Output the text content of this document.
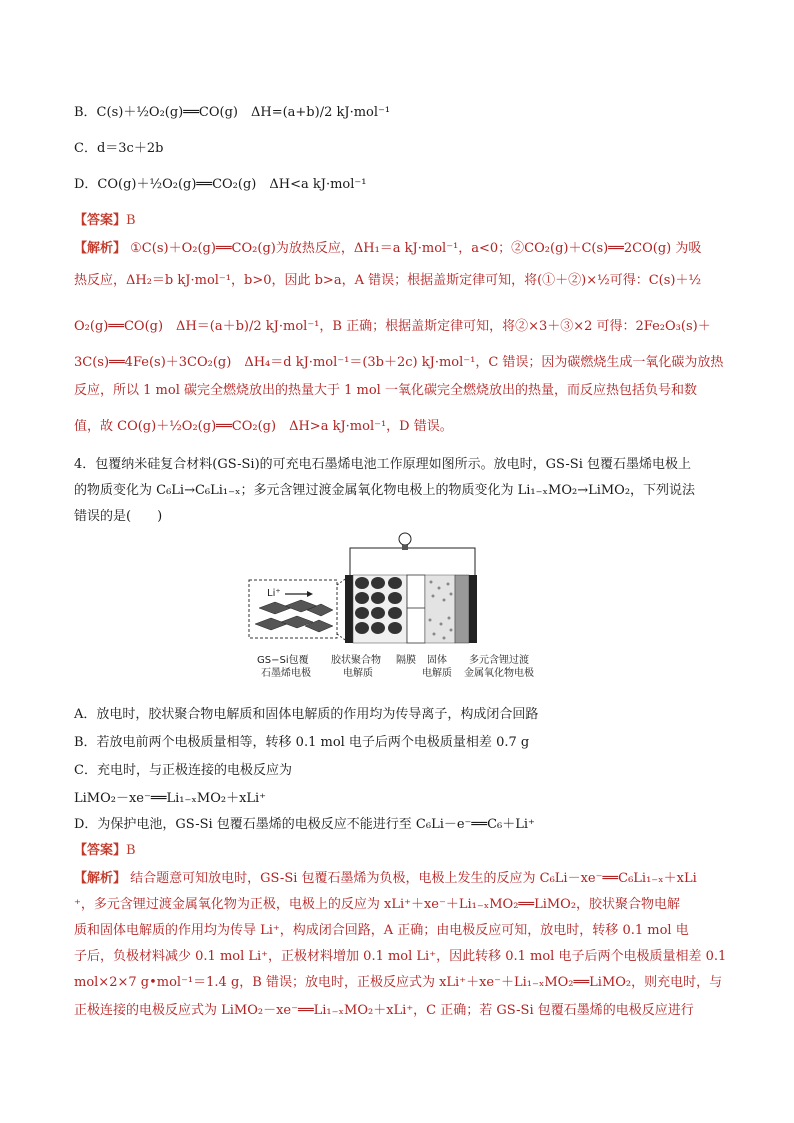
B．C(s)＋½O₂(g)══CO(g)　ΔH=(a+b)/2 kJ·mol⁻¹
C．d＝3c＋2b
D．CO(g)＋½O₂(g)══CO₂(g)　ΔH<a kJ·mol⁻¹
【答案】B
【解析】 ①C(s)＋O₂(g)══CO₂(g)为放热反应，ΔH₁＝a kJ·mol⁻¹，a<0；②CO₂(g)＋C(s)══2CO(g) 为吸
热反应，ΔH₂＝b kJ·mol⁻¹，b>0，因此 b>a，A 错误；根据盖斯定律可知，将(①＋②)×½可得：C(s)＋½
O₂(g)══CO(g)　ΔH＝(a＋b)/2 kJ·mol⁻¹，B 正确；根据盖斯定律可知，将②×3＋③×2 可得：2Fe₂O₃(s)＋
3C(s)══4Fe(s)＋3CO₂(g)　ΔH₄＝d kJ·mol⁻¹＝(3b＋2c) kJ·mol⁻¹，C 错误；因为碳燃烧生成一氧化碳为放热
反应，所以 1 mol 碳完全燃烧放出的热量大于 1 mol 一氧化碳完全燃烧放出的热量，而反应热包括负号和数
值，故 CO(g)＋½O₂(g)══CO₂(g)　ΔH>a kJ·mol⁻¹，D 错误。
4．包覆纳米硅复合材料(GS-Si)的可充电石墨烯电池工作原理如图所示。放电时，GS-Si 包覆石墨烯电极上
的物质变化为 C₆Li→C₆Li₁₋ₓ；多元含锂过渡金属氧化物电极上的物质变化为 Li₁₋ₓMO₂→LiMO₂，下列说法
错误的是(　　)
Li⁺
GS−Si包覆
石墨烯电极
胶状聚合物
电解质
隔膜 固体
电解质
多元含锂过渡
金属氧化物电极
A．放电时，胶状聚合物电解质和固体电解质的作用均为传导离子，构成闭合回路
B．若放电前两个电极质量相等，转移 0.1 mol 电子后两个电极质量相差 0.7 g
C．充电时，与正极连接的电极反应为
LiMO₂－xe⁻══Li₁₋ₓMO₂＋xLi⁺
D．为保护电池，GS-Si 包覆石墨烯的电极反应不能进行至 C₆Li－e⁻══C₆＋Li⁺
【答案】B
【解析】 结合题意可知放电时，GS-Si 包覆石墨烯为负极，电极上发生的反应为 C₆Li－xe⁻══C₆Li₁₋ₓ＋xLi
⁺，多元含锂过渡金属氧化物为正极，电极上的反应为 xLi⁺＋xe⁻＋Li₁₋ₓMO₂══LiMO₂，胶状聚合物电解
质和固体电解质的作用均为传导 Li⁺，构成闭合回路，A 正确；由电极反应可知，放电时，转移 0.1 mol 电
子后，负极材料减少 0.1 mol Li⁺，正极材料增加 0.1 mol Li⁺，因此转移 0.1 mol 电子后两个电极质量相差 0.1
mol×2×7 g•mol⁻¹＝1.4 g，B 错误；放电时，正极反应式为 xLi⁺＋xe⁻＋Li₁₋ₓMO₂══LiMO₂，则充电时，与
正极连接的电极反应式为 LiMO₂－xe⁻══Li₁₋ₓMO₂＋xLi⁺，C 正确；若 GS-Si 包覆石墨烯的电极反应进行
